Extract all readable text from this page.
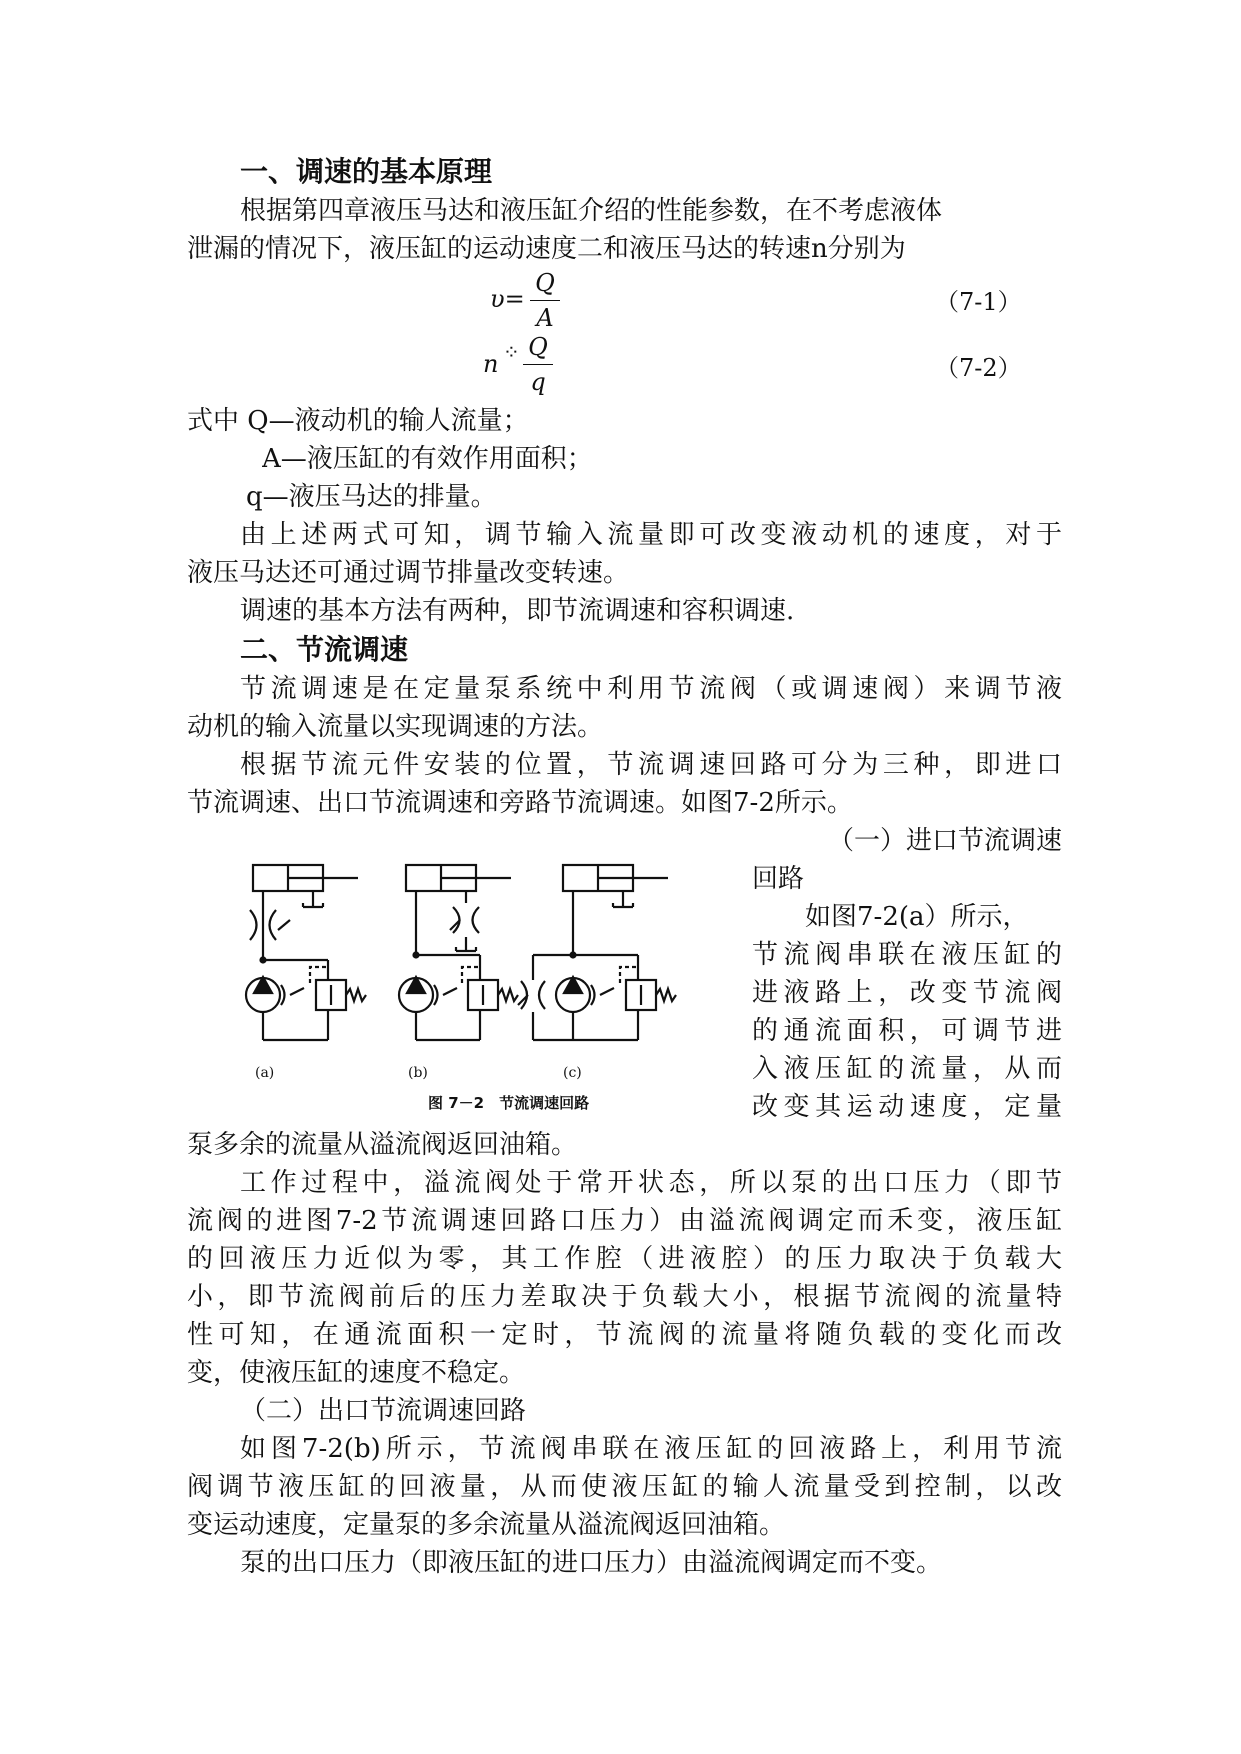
一、调速的基本原理
根据第四章液压马达和液压缸介绍的性能参数，在不考虑液体
泄漏的情况下，液压缸的运动速度二和液压马达的转速n分别为
υ=
Q
A
（7-1）
n ⁘ Q
q	（7-2）
式中 Q—液动机的输人流量；
A—液压缸的有效作用面积；
q—液压马达的排量。
由上述两式可知，调节输入流量即可改变液动机的速度，对于
液压马达还可通过调节排量改变转速。
调速的基本方法有两种，即节流调速和容积调速.
二、节流调速
节流调速是在定量泵系统中利用节流阀（或调速阀）来调节液
动机的输入流量以实现调速的方法。
根据节流元件安装的位置，节流调速回路可分为三种，即进口
节流调速、出口节流调速和旁路节流调速。如图7-2所示。
（一）进口节流调速
回路
如图7-2(a）所示，
节流阀串联在液压缸的
进液路上，改变节流阀
的通流面积，可调节进
入液压缸的流量，从而
改变其运动速度，定量
(a)	(b)	(c)
图 7－2　节流调速回路
泵多余的流量从溢流阀返回油箱。
工作过程中，溢流阀处于常开状态，所以泵的出口压力（即节
流阀的进图7-2节流调速回路口压力）由溢流阀调定而禾变，液压缸
的回液压力近似为零，其工作腔（进液腔）的压力取决于负载大
小，即节流阀前后的压力差取决于负载大小，根据节流阀的流量特
性可知，在通流面积一定时，节流阀的流量将随负载的变化而改
变，使液压缸的速度不稳定。
（二）出口节流调速回路
如图7-2(b)所示，节流阀串联在液压缸的回液路上，利用节流
阀调节液压缸的回液量，从而使液压缸的输人流量受到控制，以改
变运动速度，定量泵的多余流量从溢流阀返回油箱。
泵的出口压力（即液压缸的进口压力）由溢流阀调定而不变。
